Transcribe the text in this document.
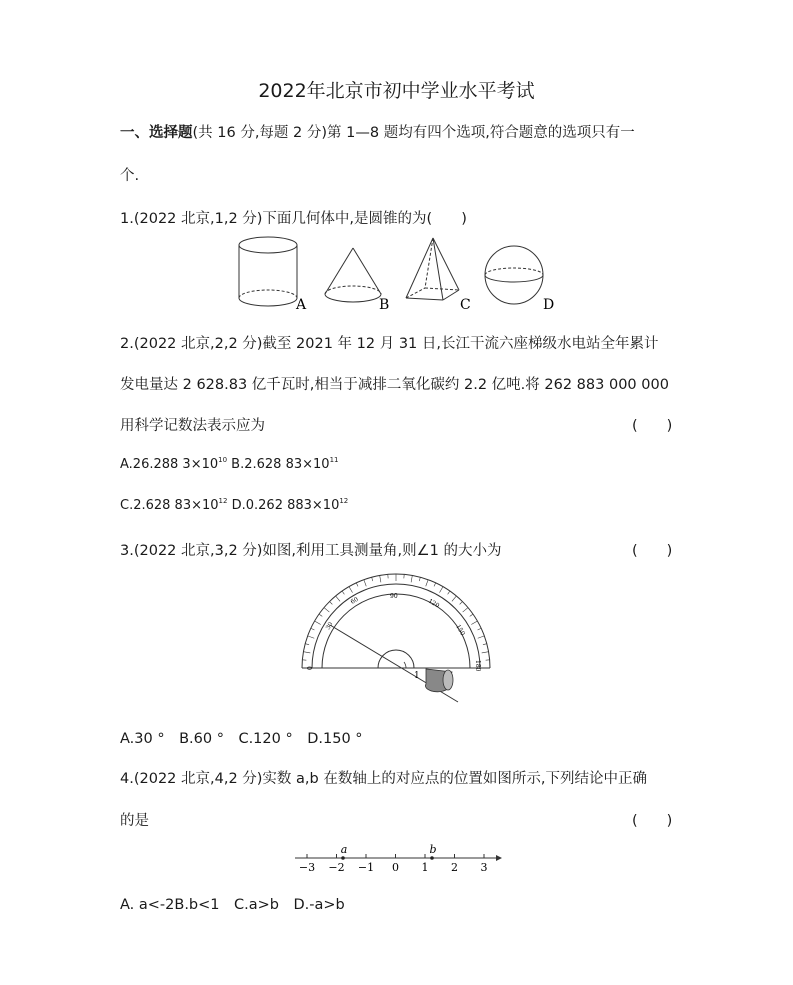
2022年北京市初中学业水平考试
一、选择题(共 16 分,每题 2 分)第 1—8 题均有四个选项,符合题意的选项只有一
个.
1.(2022 北京,1,2 分)下面几何体中,是圆锥的为(　　)
A	B	C	D
2.(2022 北京,2,2 分)截至 2021 年 12 月 31 日,长江干流六座梯级水电站全年累计
发电量达 2 628.83 亿千瓦时,相当于减排二氧化碳约 2.2 亿吨.将 262 883 000 000
用科学记数法表示应为	(　　)
A.26.288 $3\times 10^{10}$ B.2.628 $83\times 10^{11}$
C.2.628 $83\times 10^{12}$ D.0.262 $883\times 10^{12}$
3.(2022 北京,3,2 分)如图,利用工具测量角,则∠1 的大小为	(　　)
0
30
60	90
120
150
180
1
A.30 °　B.60 °　C.120 °　D.150 °
4.(2022 北京,4,2 分)实数 a,b 在数轴上的对应点的位置如图所示,下列结论中正确
的是	(　　)
−3 −2 −1 0 1 2 3
a	b
A. a<-2B.b<1　C.a>b　D.-a>b
